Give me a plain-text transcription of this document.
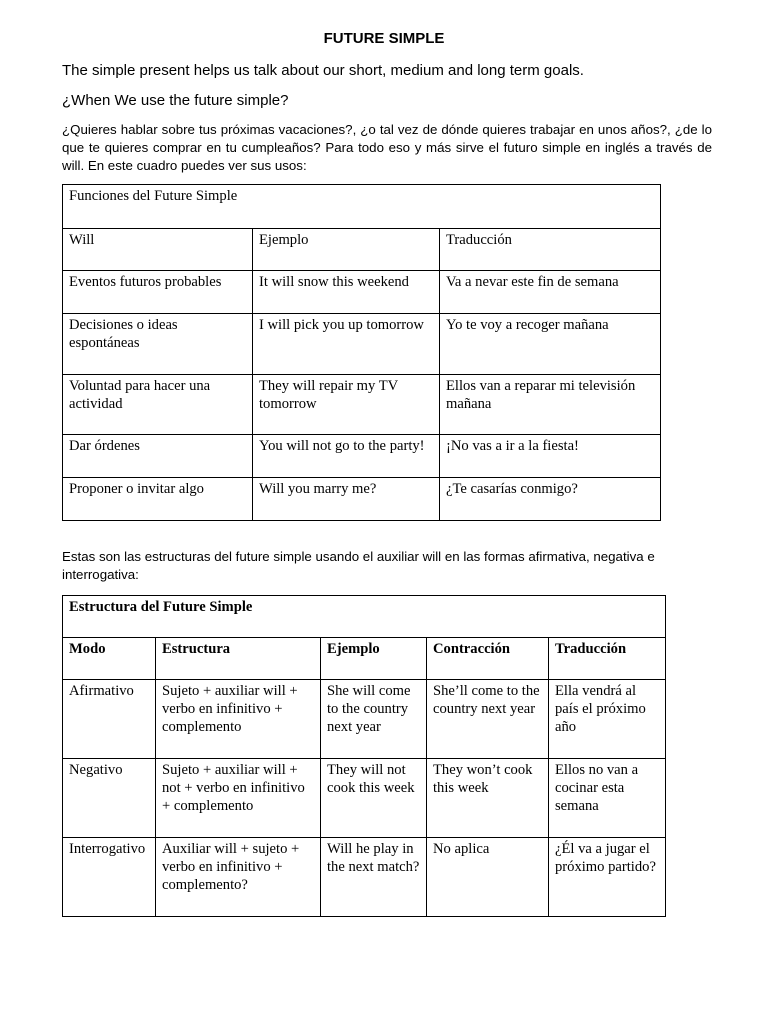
FUTURE SIMPLE

The simple present helps us talk about our short, medium and long term goals.

¿When We use the future simple?

¿Quieres hablar sobre tus próximas vacaciones?, ¿o tal vez de dónde quieres trabajar en unos años?, ¿de lo que te quieres comprar en tu cumpleaños? Para todo eso y más sirve el futuro simple en inglés a través de will. En este cuadro puedes ver sus usos:

Funciones del Future Simple		
Will	Ejemplo	Traducción
Eventos futuros probables	It will snow this weekend	Va a nevar este fin de semana
Decisiones o ideas espontáneas	I will pick you up tomorrow	Yo te voy a recoger mañana
Voluntad para hacer una actividad	They will repair my TV tomorrow	Ellos van a reparar mi televisión mañana
Dar órdenes	You will not go to the party!	¡No vas a ir a la fiesta!
Proponer o invitar algo	Will you marry me?	¿Te casarías conmigo?

Estas son las estructuras del future simple usando el auxiliar will en las formas afirmativa, negativa e interrogativa:

Estructura del Future Simple				
Modo	Estructura	Ejemplo	Contracción	Traducción
Afirmativo	Sujeto + auxiliar will + verbo en infinitivo + complemento	She will come to the country next year	She’ll come to the country next year	Ella vendrá al país el próximo año
Negativo	Sujeto + auxiliar will + not + verbo en infinitivo + complemento	They will not cook this week	They won’t cook this week	Ellos no van a cocinar esta semana
Interrogativo	Auxiliar will + sujeto + verbo en infinitivo + complemento?	Will he play in the next match?	No aplica	¿Él va a jugar el próximo partido?
